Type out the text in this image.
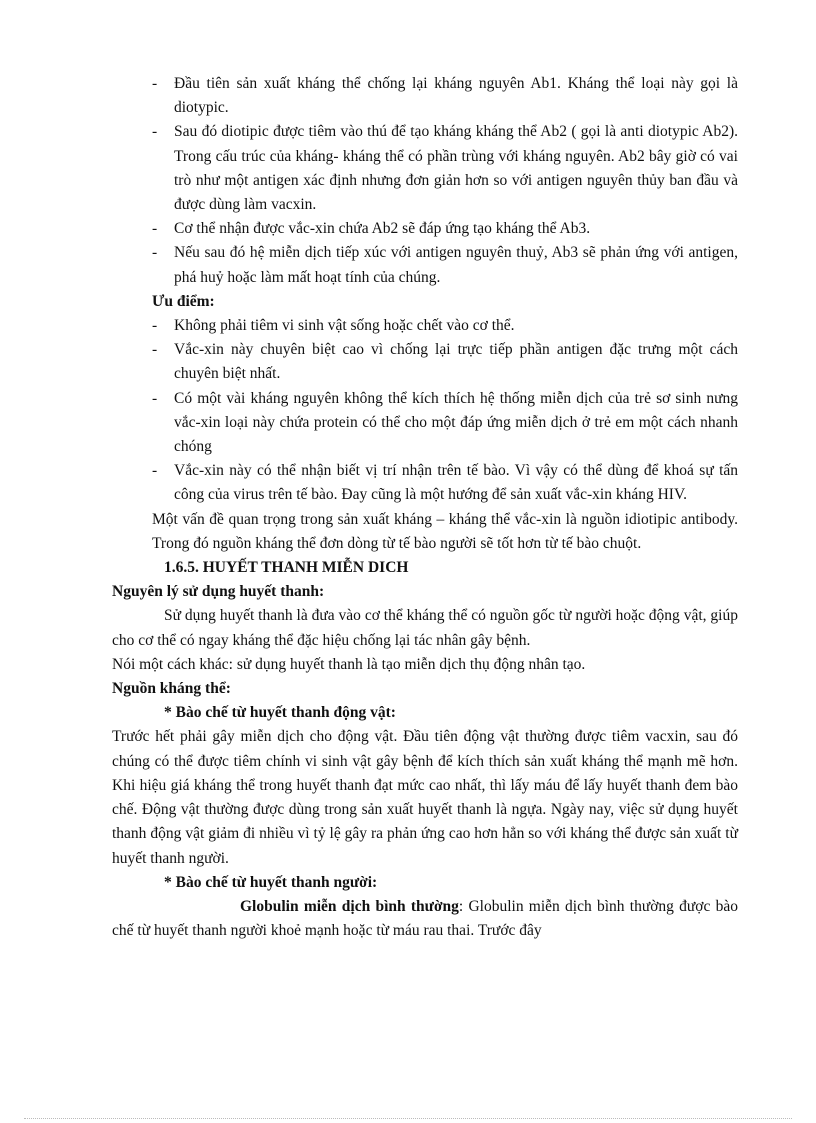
- Đầu tiên sản xuất kháng thể chống lại kháng nguyên Ab1. Kháng thể loại này gọi là diotypic.
- Sau đó diotipic được tiêm vào thú để tạo kháng kháng thể Ab2 ( gọi là anti diotypic Ab2). Trong cấu trúc của kháng- kháng thể có phần trùng với kháng nguyên. Ab2 bây giờ có vai trò như một antigen xác định nhưng đơn giản hơn so với antigen nguyên thủy ban đầu và được dùng làm vacxin.
- Cơ thể nhận được vắc-xin chứa Ab2 sẽ đáp ứng tạo kháng thể Ab3.
- Nếu sau đó hệ miễn dịch tiếp xúc với antigen nguyên thuỷ, Ab3 sẽ phản ứng với antigen, phá huỷ hoặc làm mất hoạt tính của chúng.
Ưu điểm:
- Không phải tiêm vi sinh vật sống hoặc chết vào cơ thể.
- Vắc-xin này chuyên biệt cao vì chống lại trực tiếp phần antigen đặc trưng một cách chuyên biệt nhất.
- Có một vài kháng nguyên không thể kích thích hệ thống miễn dịch của trẻ sơ sinh nưng vắc-xin loại này chứa protein có thể cho một đáp ứng miễn dịch ở trẻ em một cách nhanh chóng
- Vắc-xin này có thể nhận biết vị trí nhận trên tế bào. Vì vậy có thể dùng để khoá sự tấn công của virus trên tế bào. Đay cũng là một hướng để sản xuất vắc-xin kháng HIV.
Một vấn đề quan trọng trong sản xuất kháng – kháng thể vắc-xin là nguồn idiotipic antibody. Trong đó nguồn kháng thể đơn dòng từ tế bào người sẽ tốt hơn từ tế bào chuột.
1.6.5. HUYẾT THANH MIỄN DICH
Nguyên lý sử dụng huyết thanh:
Sử dụng huyết thanh là đưa vào cơ thể kháng thể có nguồn gốc từ người hoặc động vật, giúp cho cơ thể có ngay kháng thể đặc hiệu chống lại tác nhân gây bệnh.
Nói một cách khác: sử dụng huyết thanh là tạo miễn dịch thụ động nhân tạo.
Nguồn kháng thể:
* Bào chế từ huyết thanh động vật:
Trước hết phải gây miễn dịch cho động vật. Đầu tiên động vật thường được tiêm vacxin, sau đó chúng có thể được tiêm chính vi sinh vật gây bệnh để kích thích sản xuất kháng thể mạnh mẽ hơn. Khi hiệu giá kháng thể trong huyết thanh đạt mức cao nhất, thì lấy máu để lấy huyết thanh đem bào chế. Động vật thường được dùng trong sản xuất huyết thanh là ngựa. Ngày nay, việc sử dụng huyết thanh động vật giảm đi nhiều vì tỷ lệ gây ra phản ứng cao hơn hẳn so với kháng thể được sản xuất từ huyết thanh người.
* Bào chế từ huyết thanh người:
Globulin miễn dịch bình thường: Globulin miễn dịch bình thường được bào chế từ huyết thanh người khoẻ mạnh hoặc từ máu rau thai. Trước đây
